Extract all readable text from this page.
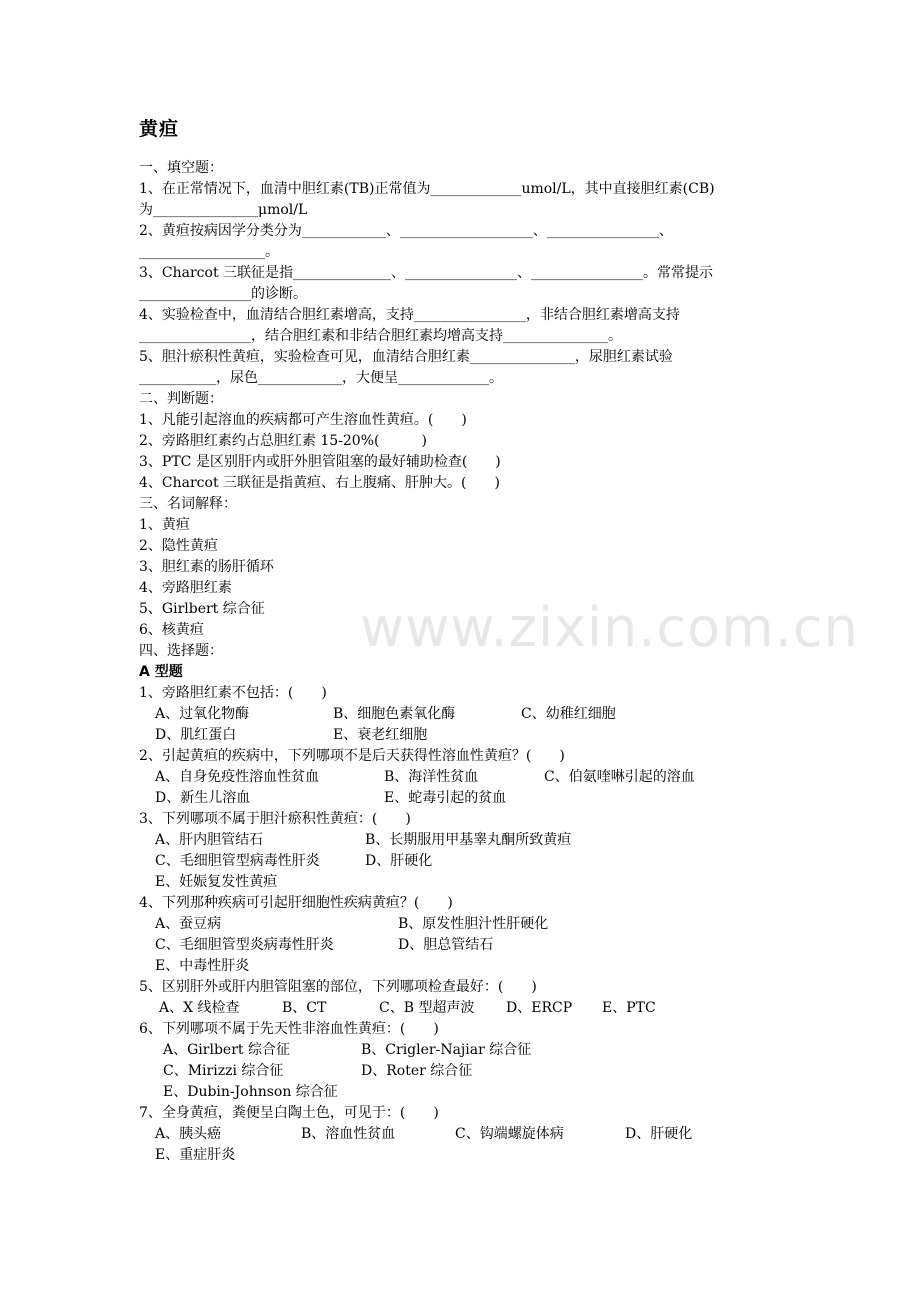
www.zixin.com.cn
黄疸
一、填空题：
1、在正常情况下，血清中胆红素(TB)正常值为_____________umol/L，其中直接胆红素(CB)
为_______________μmol/L
2、黄疸按病因学分类分为____________、___________________、________________、
__________________。
3、Charcot 三联征是指______________、________________、________________。常常提示
________________的诊断。
4、实验检查中，血清结合胆红素增高，支持________________，非结合胆红素增高支持
________________，结合胆红素和非结合胆红素均增高支持_______________。
5、胆汁瘀积性黄疸，实验检查可见，血清结合胆红素_______________，尿胆红素试验
___________，尿色____________，大便呈_____________。
二、判断题：
1、凡能引起溶血的疾病都可产生溶血性黄疸。(　　)
2、旁路胆红素约占总胆红素 15-20%(　　　)
3、PTC 是区别肝内或肝外胆管阻塞的最好辅助检查(　　)
4、Charcot 三联征是指黄疸、右上腹痛、肝肿大。(　　)
三、名词解释：
1、黄疸
2、隐性黄疸
3、胆红素的肠肝循环
4、旁路胆红素
5、Girlbert 综合征
6、核黄疸
四、选择题：
A 型题
1、旁路胆红素不包括：(　　)
A、过氧化物酶	B、细胞色素氧化酶	C、幼稚红细胞
D、肌红蛋白	E、衰老红细胞
2、引起黄疸的疾病中，下列哪项不是后天获得性溶血性黄疸？(　　)
A、自身免疫性溶血性贫血	B、海洋性贫血	C、伯氨喹啉引起的溶血
D、新生儿溶血	E、蛇毒引起的贫血
3、下列哪项不属于胆汁瘀积性黄疸：(　　)
A、肝内胆管结石	B、长期服用甲基睾丸酮所致黄疸
C、毛细胆管型病毒性肝炎	D、肝硬化
E、妊娠复发性黄疸
4、下列那种疾病可引起肝细胞性疾病黄疸？(　　)
A、蚕豆病	B、原发性胆汁性肝硬化
C、毛细胆管型炎病毒性肝炎	D、胆总管结石
E、中毒性肝炎
5、区别肝外或肝内胆管阻塞的部位，下列哪项检查最好：(　　)
A、X 线检查	B、CT	C、B 型超声波	D、ERCP	E、PTC
6、下列哪项不属于先天性非溶血性黄疸：(　　)
A、Girlbert 综合征	B、Crigler-Najiar 综合征
C、Mirizzi 综合征	D、Roter 综合征
E、Dubin-Johnson 综合征
7、全身黄疸，粪便呈白陶土色，可见于：(　　)
A、胰头癌	B、溶血性贫血	C、钩端螺旋体病	D、肝硬化
E、重症肝炎
